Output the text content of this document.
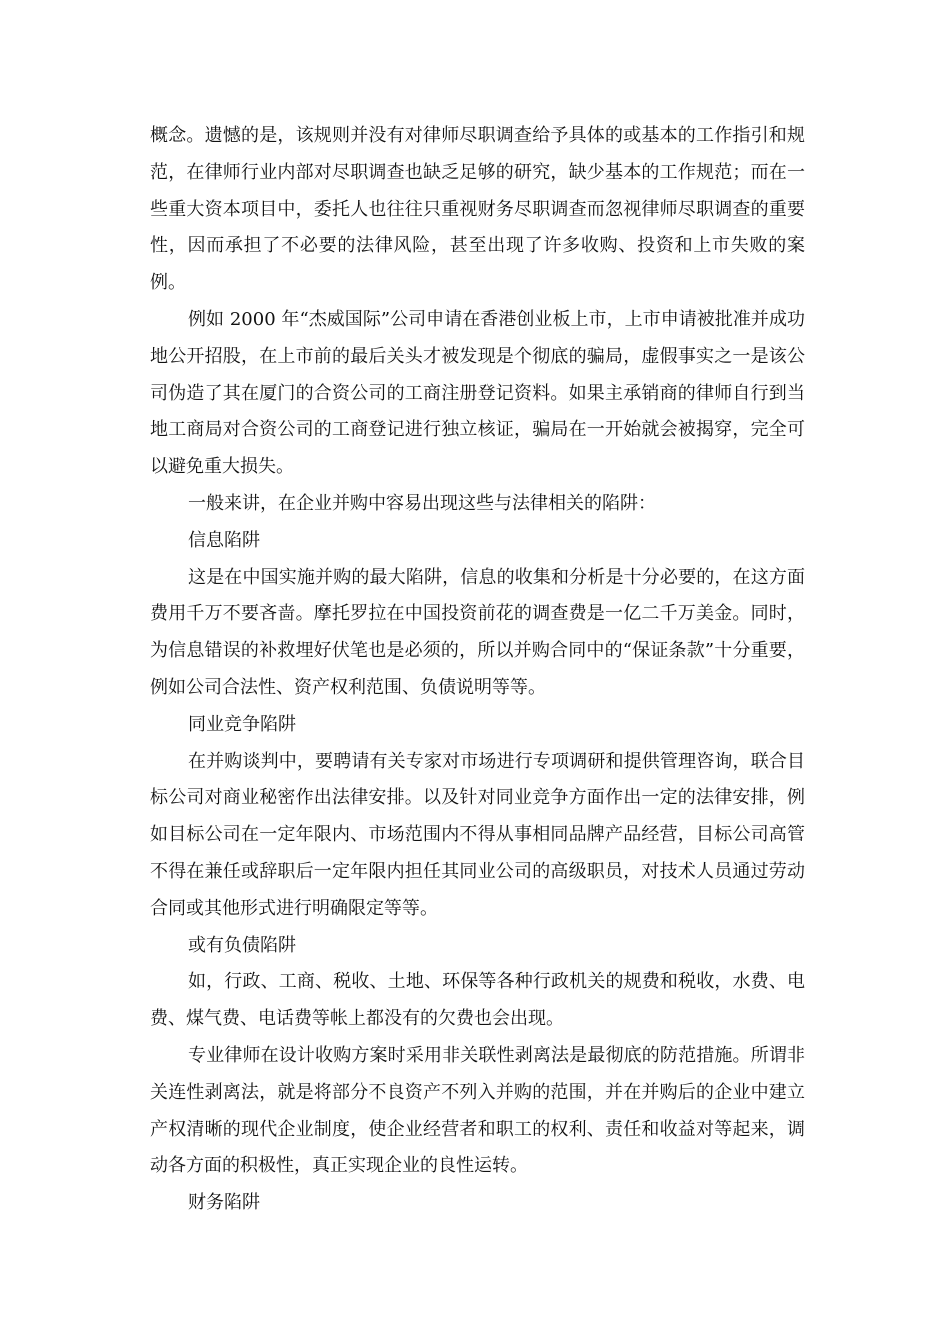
概念。遗憾的是，该规则并没有对律师尽职调查给予具体的或基本的工作指引和规范，在律师行业内部对尽职调查也缺乏足够的研究，缺少基本的工作规范；而在一些重大资本项目中，委托人也往往只重视财务尽职调查而忽视律师尽职调查的重要性，因而承担了不必要的法律风险，甚至出现了许多收购、投资和上市失败的案例。

例如 2000 年“杰威国际”公司申请在香港创业板上市，上市申请被批准并成功地公开招股，在上市前的最后关头才被发现是个彻底的骗局，虚假事实之一是该公司伪造了其在厦门的合资公司的工商注册登记资料。如果主承销商的律师自行到当地工商局对合资公司的工商登记进行独立核证，骗局在一开始就会被揭穿，完全可以避免重大损失。

一般来讲，在企业并购中容易出现这些与法律相关的陷阱：

信息陷阱

这是在中国实施并购的最大陷阱，信息的收集和分析是十分必要的，在这方面费用千万不要吝啬。摩托罗拉在中国投资前花的调查费是一亿二千万美金。同时，为信息错误的补救埋好伏笔也是必须的，所以并购合同中的“保证条款”十分重要，例如公司合法性、资产权利范围、负债说明等等。

同业竞争陷阱

在并购谈判中，要聘请有关专家对市场进行专项调研和提供管理咨询，联合目标公司对商业秘密作出法律安排。以及针对同业竞争方面作出一定的法律安排，例如目标公司在一定年限内、市场范围内不得从事相同品牌产品经营，目标公司高管不得在兼任或辞职后一定年限内担任其同业公司的高级职员，对技术人员通过劳动合同或其他形式进行明确限定等等。

或有负债陷阱

如，行政、工商、税收、土地、环保等各种行政机关的规费和税收，水费、电费、煤气费、电话费等帐上都没有的欠费也会出现。

专业律师在设计收购方案时采用非关联性剥离法是最彻底的防范措施。所谓非关连性剥离法，就是将部分不良资产不列入并购的范围，并在并购后的企业中建立产权清晰的现代企业制度，使企业经营者和职工的权利、责任和收益对等起来，调动各方面的积极性，真正实现企业的良性运转。

财务陷阱
